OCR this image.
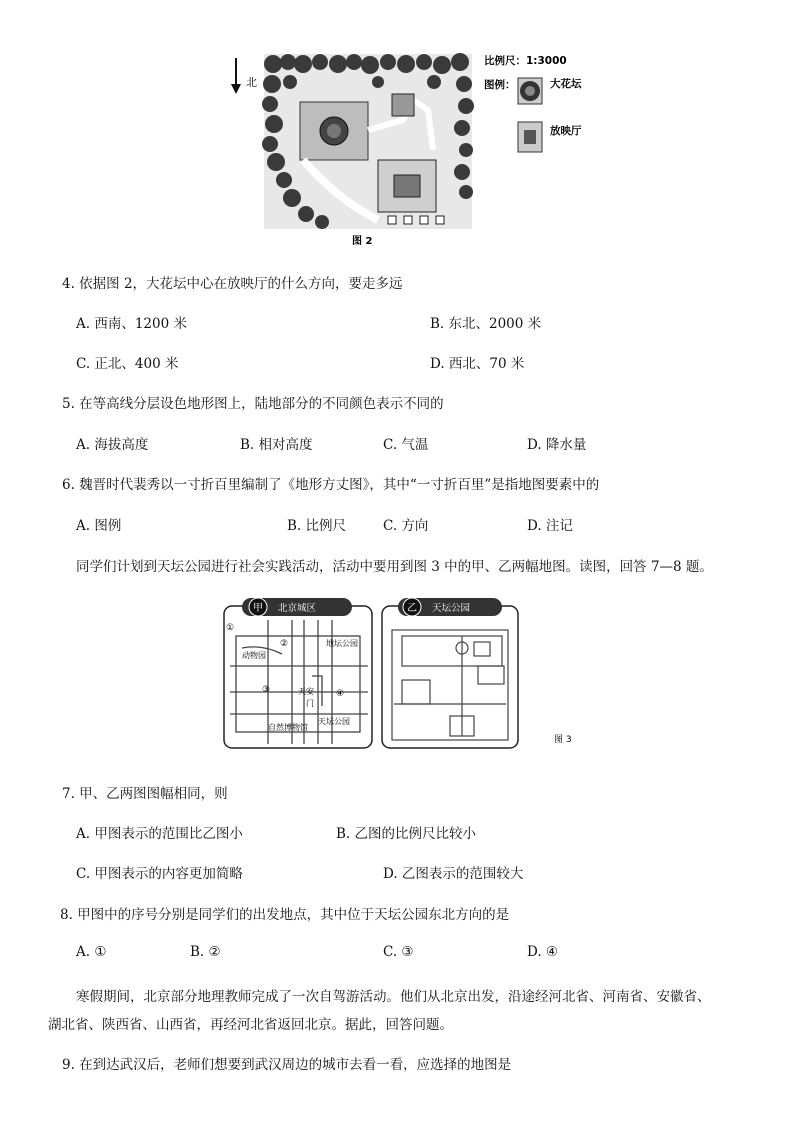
北
比例尺：1:3000
图例：	大花坛
放映厅
图 2
4. 依据图 2，大花坛中心在放映厅的什么方向，要走多远
A. 西南、1200 米	B. 东北、2000 米
C. 正北、400 米	D. 西北、70 米
5. 在等高线分层设色地形图上，陆地部分的不同颜色表示不同的
A. 海拔高度	B. 相对高度	C. 气温	D. 降水量
6. 魏晋时代裴秀以一寸折百里编制了《地形方丈图》，其中“一寸折百里”是指地图要素中的
A. 图例	B. 比例尺	C. 方向	D. 注记
同学们计划到天坛公园进行社会实践活动，活动中要用到图 3 中的甲、乙两幅地图。读图，回答 7—8 题。
甲 北京城区
动物园
地坛公园
天安
门
天坛公园
自然博物馆
①
②
③	④
乙 天坛公园
图 3
7. 甲、乙两图图幅相同，则
A. 甲图表示的范围比乙图小	B. 乙图的比例尺比较小
C. 甲图表示的内容更加简略	D. 乙图表示的范围较大
8. 甲图中的序号分别是同学们的出发地点，其中位于天坛公园东北方向的是
A. ①	B. ②	C. ③	D. ④
寒假期间，北京部分地理教师完成了一次自驾游活动。他们从北京出发，沿途经河北省、河南省、安徽省、
湖北省、陕西省、山西省，再经河北省返回北京。据此，回答问题。
9. 在到达武汉后，老师们想要到武汉周边的城市去看一看，应选择的地图是
